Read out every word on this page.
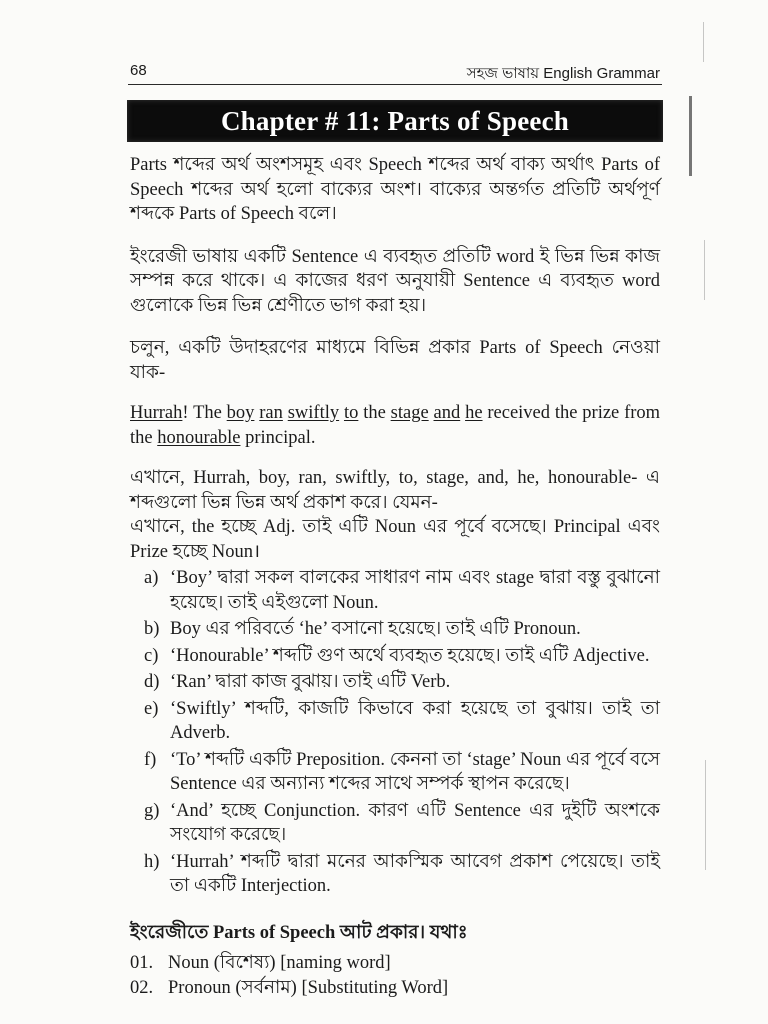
68	সহজ ভাষায় English Grammar
Chapter # 11: Parts of Speech

Parts শব্দের অর্থ অংশসমূহ এবং Speech শব্দের অর্থ বাক্য অর্থাৎ Parts of Speech শব্দের অর্থ হলো বাক্যের অংশ। বাক্যের অন্তর্গত প্রতিটি অর্থপূর্ণ শব্দকে Parts of Speech বলে।

ইংরেজী ভাষায় একটি Sentence এ ব্যবহৃত প্রতিটি word ই ভিন্ন ভিন্ন কাজ সম্পন্ন করে থাকে। এ কাজের ধরণ অনুযায়ী Sentence এ ব্যবহৃত word গুলোকে ভিন্ন ভিন্ন শ্রেণীতে ভাগ করা হয়।

চলুন, একটি উদাহরণের মাধ্যমে বিভিন্ন প্রকার Parts of Speech নেওয়া যাক-

Hurrah! The boy ran swiftly to the stage and he received the prize from the honourable principal.

এখানে, Hurrah, boy, ran, swiftly, to, stage, and, he, honourable- এ শব্দগুলো ভিন্ন ভিন্ন অর্থ প্রকাশ করে। যেমন-

এখানে, the হচ্ছে Adj. তাই এটি Noun এর পূর্বে বসেছে। Principal এবং Prize হচ্ছে Noun।

a) ‘Boy’ দ্বারা সকল বালকের সাধারণ নাম এবং stage দ্বারা বস্তু বুঝানো হয়েছে। তাই এইগুলো Noun.
b) Boy এর পরিবর্তে ‘he’ বসানো হয়েছে। তাই এটি Pronoun.
c) ‘Honourable’ শব্দটি গুণ অর্থে ব্যবহৃত হয়েছে। তাই এটি Adjective.
d) ‘Ran’ দ্বারা কাজ বুঝায়। তাই এটি Verb.
e) ‘Swiftly’ শব্দটি, কাজটি কিভাবে করা হয়েছে তা বুঝায়। তাই তা Adverb.
f) ‘To’ শব্দটি একটি Preposition. কেননা তা ‘stage’ Noun এর পূর্বে বসে Sentence এর অন্যান্য শব্দের সাথে সম্পর্ক স্থাপন করেছে।
g) ‘And’ হচ্ছে Conjunction. কারণ এটি Sentence এর দুইটি অংশকে সংযোগ করেছে।
h) ‘Hurrah’ শব্দটি দ্বারা মনের আকস্মিক আবেগ প্রকাশ পেয়েছে। তাই তা একটি Interjection.

ইংরেজীতে Parts of Speech আট প্রকার। যথাঃ

01. Noun (বিশেষ্য) [naming word]
02. Pronoun (সর্বনাম) [Substituting Word]
